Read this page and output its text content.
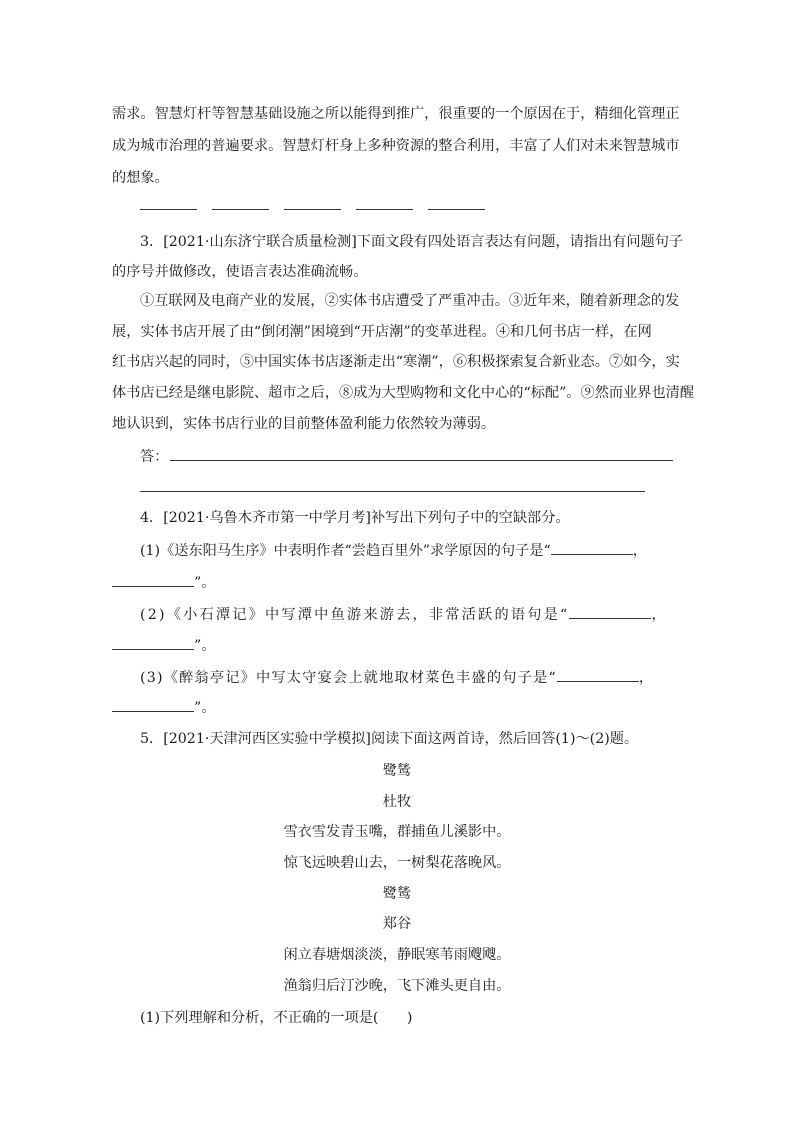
需求。智慧灯杆等智慧基础设施之所以能得到推广，很重要的一个原因在于，精细化管理正
成为城市治理的普遍要求。智慧灯杆身上多种资源的整合利用，丰富了人们对未来智慧城市
的想象。
3．[2021·山东济宁联合质量检测]下面文段有四处语言表达有问题，请指出有问题句子
的序号并做修改，使语言表达准确流畅。
①互联网及电商产业的发展，②实体书店遭受了严重冲击。③近年来，随着新理念的发
展，实体书店开展了由“倒闭潮”困境到“开店潮”的变革进程。④和几何书店一样，在网
红书店兴起的同时，⑤中国实体书店逐渐走出“寒潮”，⑥积极探索复合新业态。⑦如今，实
体书店已经是继电影院、超市之后，⑧成为大型购物和文化中心的“标配”。⑨然而业界也清醒
地认识到，实体书店行业的目前整体盈利能力依然较为薄弱。
答：
4．[2021·乌鲁木齐市第一中学月考]补写出下列句子中的空缺部分。
(1)《送东阳马生序》中表明作者“尝趋百里外”求学原因的句子是“	，
”。
(2)《小石潭记》中写潭中鱼游来游去，非常活跃的语句是“	，
”。
(3)《醉翁亭记》中写太守宴会上就地取材菜色丰盛的句子是“	，
”。
5．[2021·天津河西区实验中学模拟]阅读下面这两首诗，然后回答(1)～(2)题。
鹭鸶
杜牧
雪衣雪发青玉嘴，群捕鱼儿溪影中。
惊飞远映碧山去，一树梨花落晚风。
鹭鸶
郑谷
闲立春塘烟淡淡，静眠寒苇雨飕飕。
渔翁归后汀沙晚，飞下滩头更自由。
(1)下列理解和分析，不正确的一项是(　　)
